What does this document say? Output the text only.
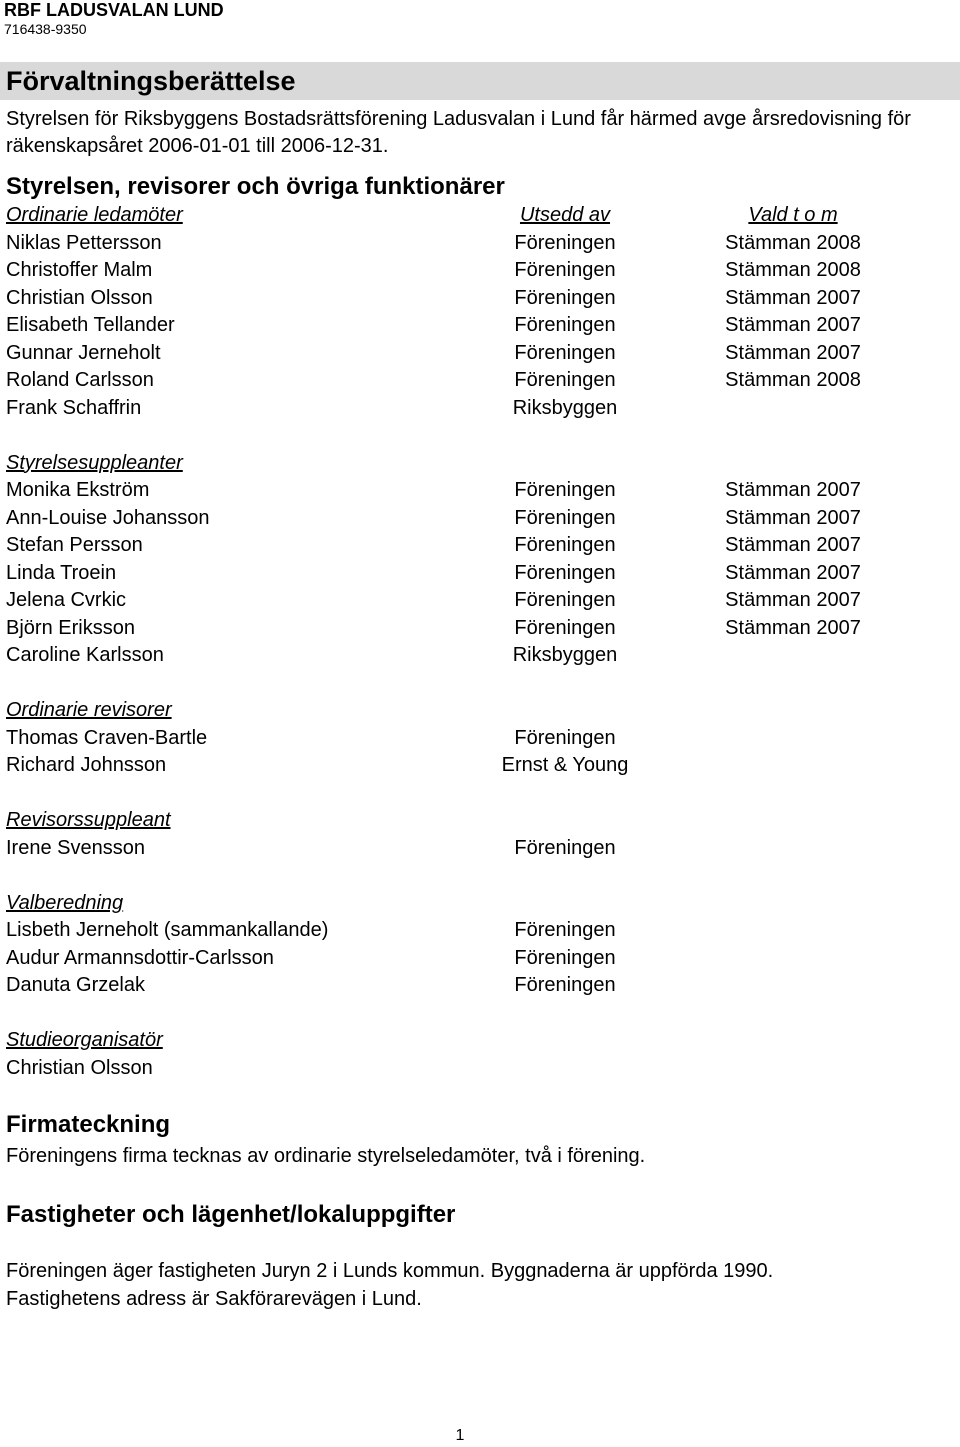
RBF LADUSVALAN LUND
716438-9350
Förvaltningsberättelse
Styrelsen för Riksbyggens Bostadsrättsförening Ladusvalan i Lund får härmed avge årsredovisning för räkenskapsåret 2006-01-01 till 2006-12-31.
Styrelsen, revisorer och övriga funktionärer
Ordinarie ledamöter	Utsedd av	Vald t o m
Niklas Pettersson	Föreningen	Stämman 2008
Christoffer Malm	Föreningen	Stämman 2008
Christian Olsson	Föreningen	Stämman 2007
Elisabeth Tellander	Föreningen	Stämman 2007
Gunnar Jerneholt	Föreningen	Stämman 2007
Roland Carlsson	Föreningen	Stämman 2008
Frank Schaffrin	Riksbyggen
Styrelsesuppleanter
Monika Ekström	Föreningen	Stämman 2007
Ann-Louise Johansson	Föreningen	Stämman 2007
Stefan Persson	Föreningen	Stämman 2007
Linda Troein	Föreningen	Stämman 2007
Jelena Cvrkic	Föreningen	Stämman 2007
Björn Eriksson	Föreningen	Stämman 2007
Caroline Karlsson	Riksbyggen
Ordinarie revisorer
Thomas Craven-Bartle	Föreningen
Richard Johnsson	Ernst & Young
Revisorssuppleant
Irene Svensson	Föreningen
Valberedning
Lisbeth Jerneholt (sammankallande)	Föreningen
Audur Armannsdottir-Carlsson	Föreningen
Danuta Grzelak	Föreningen
Studieorganisatör
Christian Olsson
Firmateckning
Föreningens firma tecknas av ordinarie styrelseledamöter, två i förening.
Fastigheter och lägenhet/lokaluppgifter
Föreningen äger fastigheten Juryn 2 i Lunds kommun. Byggnaderna är uppförda 1990.
Fastighetens adress är Sakförarevägen i Lund.
1
